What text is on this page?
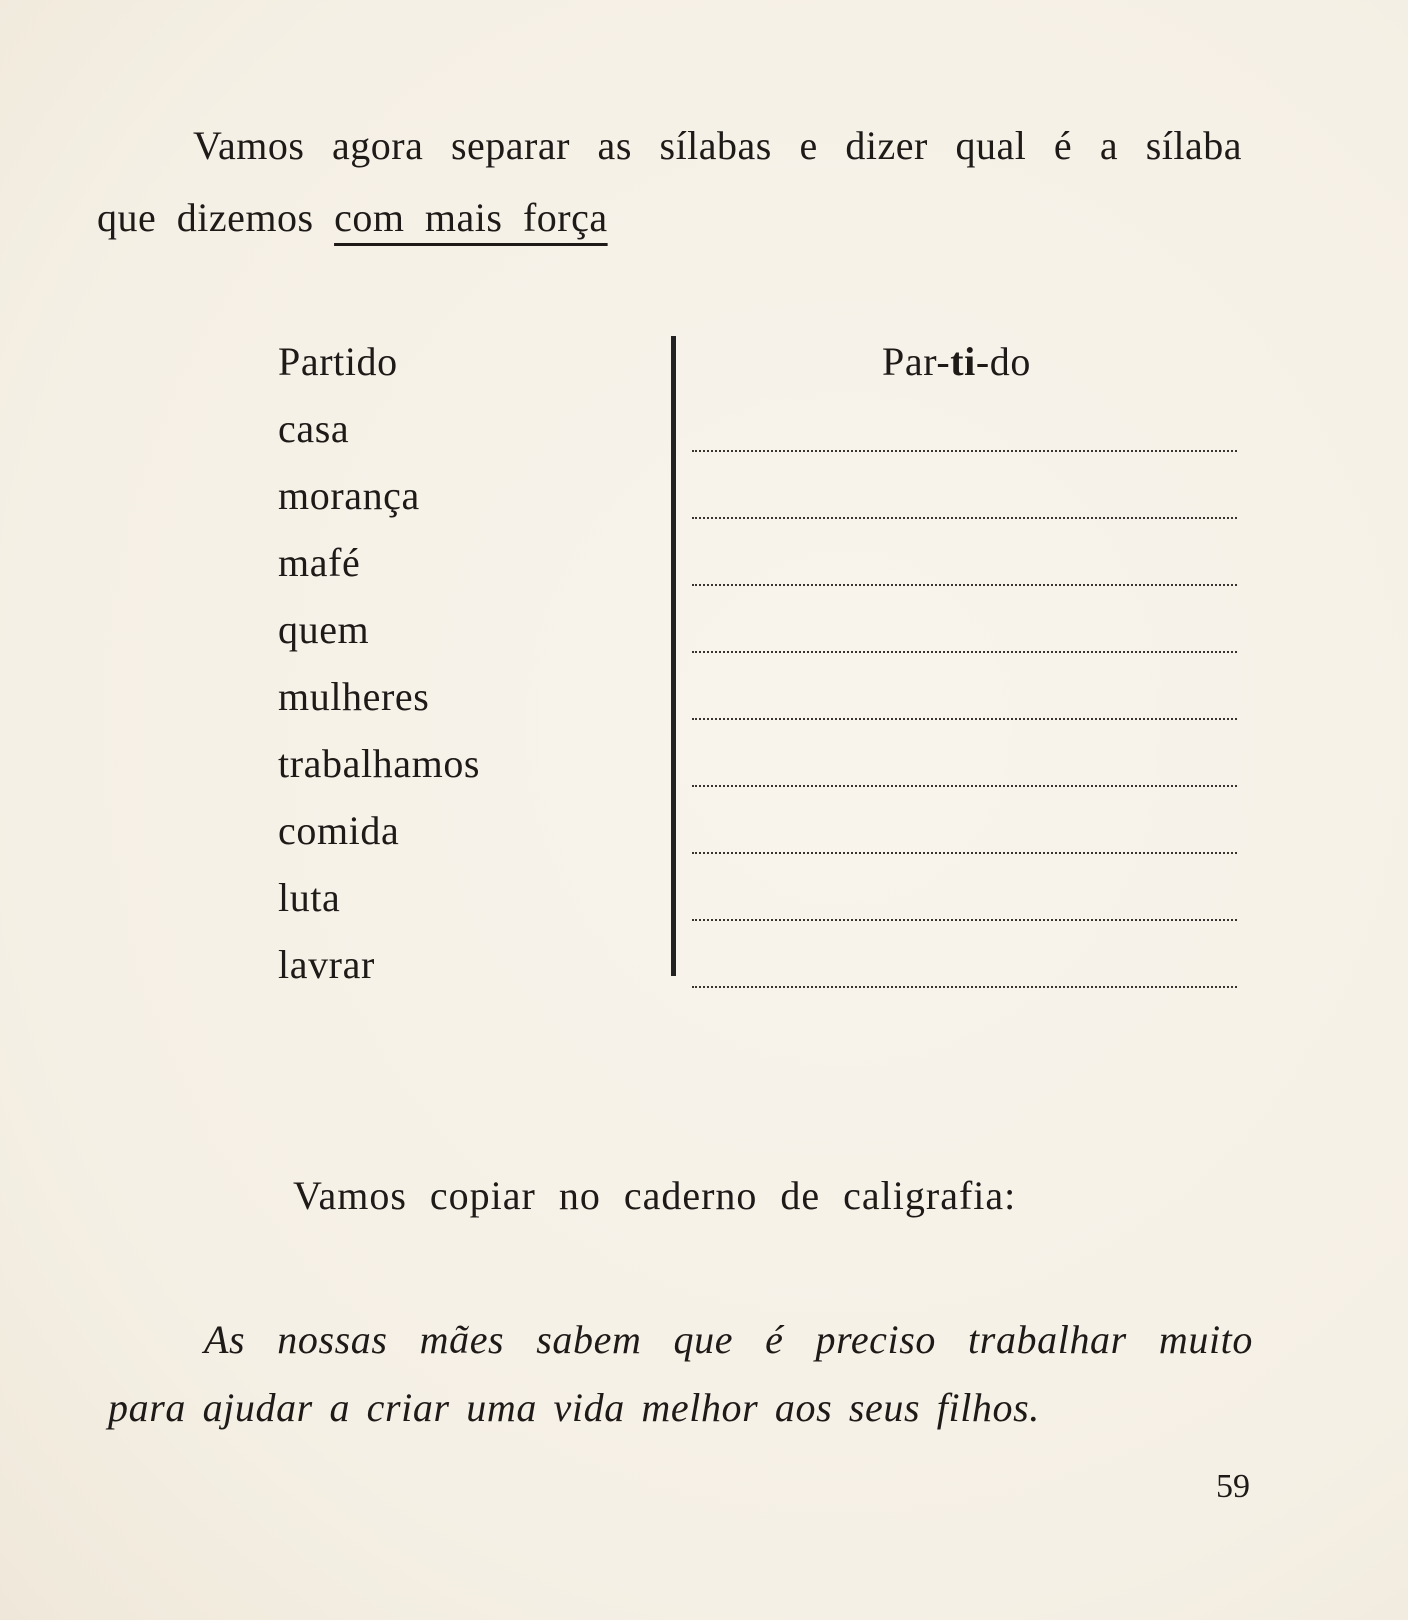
Vamos agora separar as sílabas e dizer qual é a sílaba
que dizemos com mais força
Partido
casa
morança
mafé
quem
mulheres
trabalhamos
comida
luta
lavrar
Par-ti-do
Vamos copiar no caderno de caligrafia:
As nossas mães sabem que é preciso trabalhar muito
para ajudar a criar uma vida melhor aos seus filhos.
59
